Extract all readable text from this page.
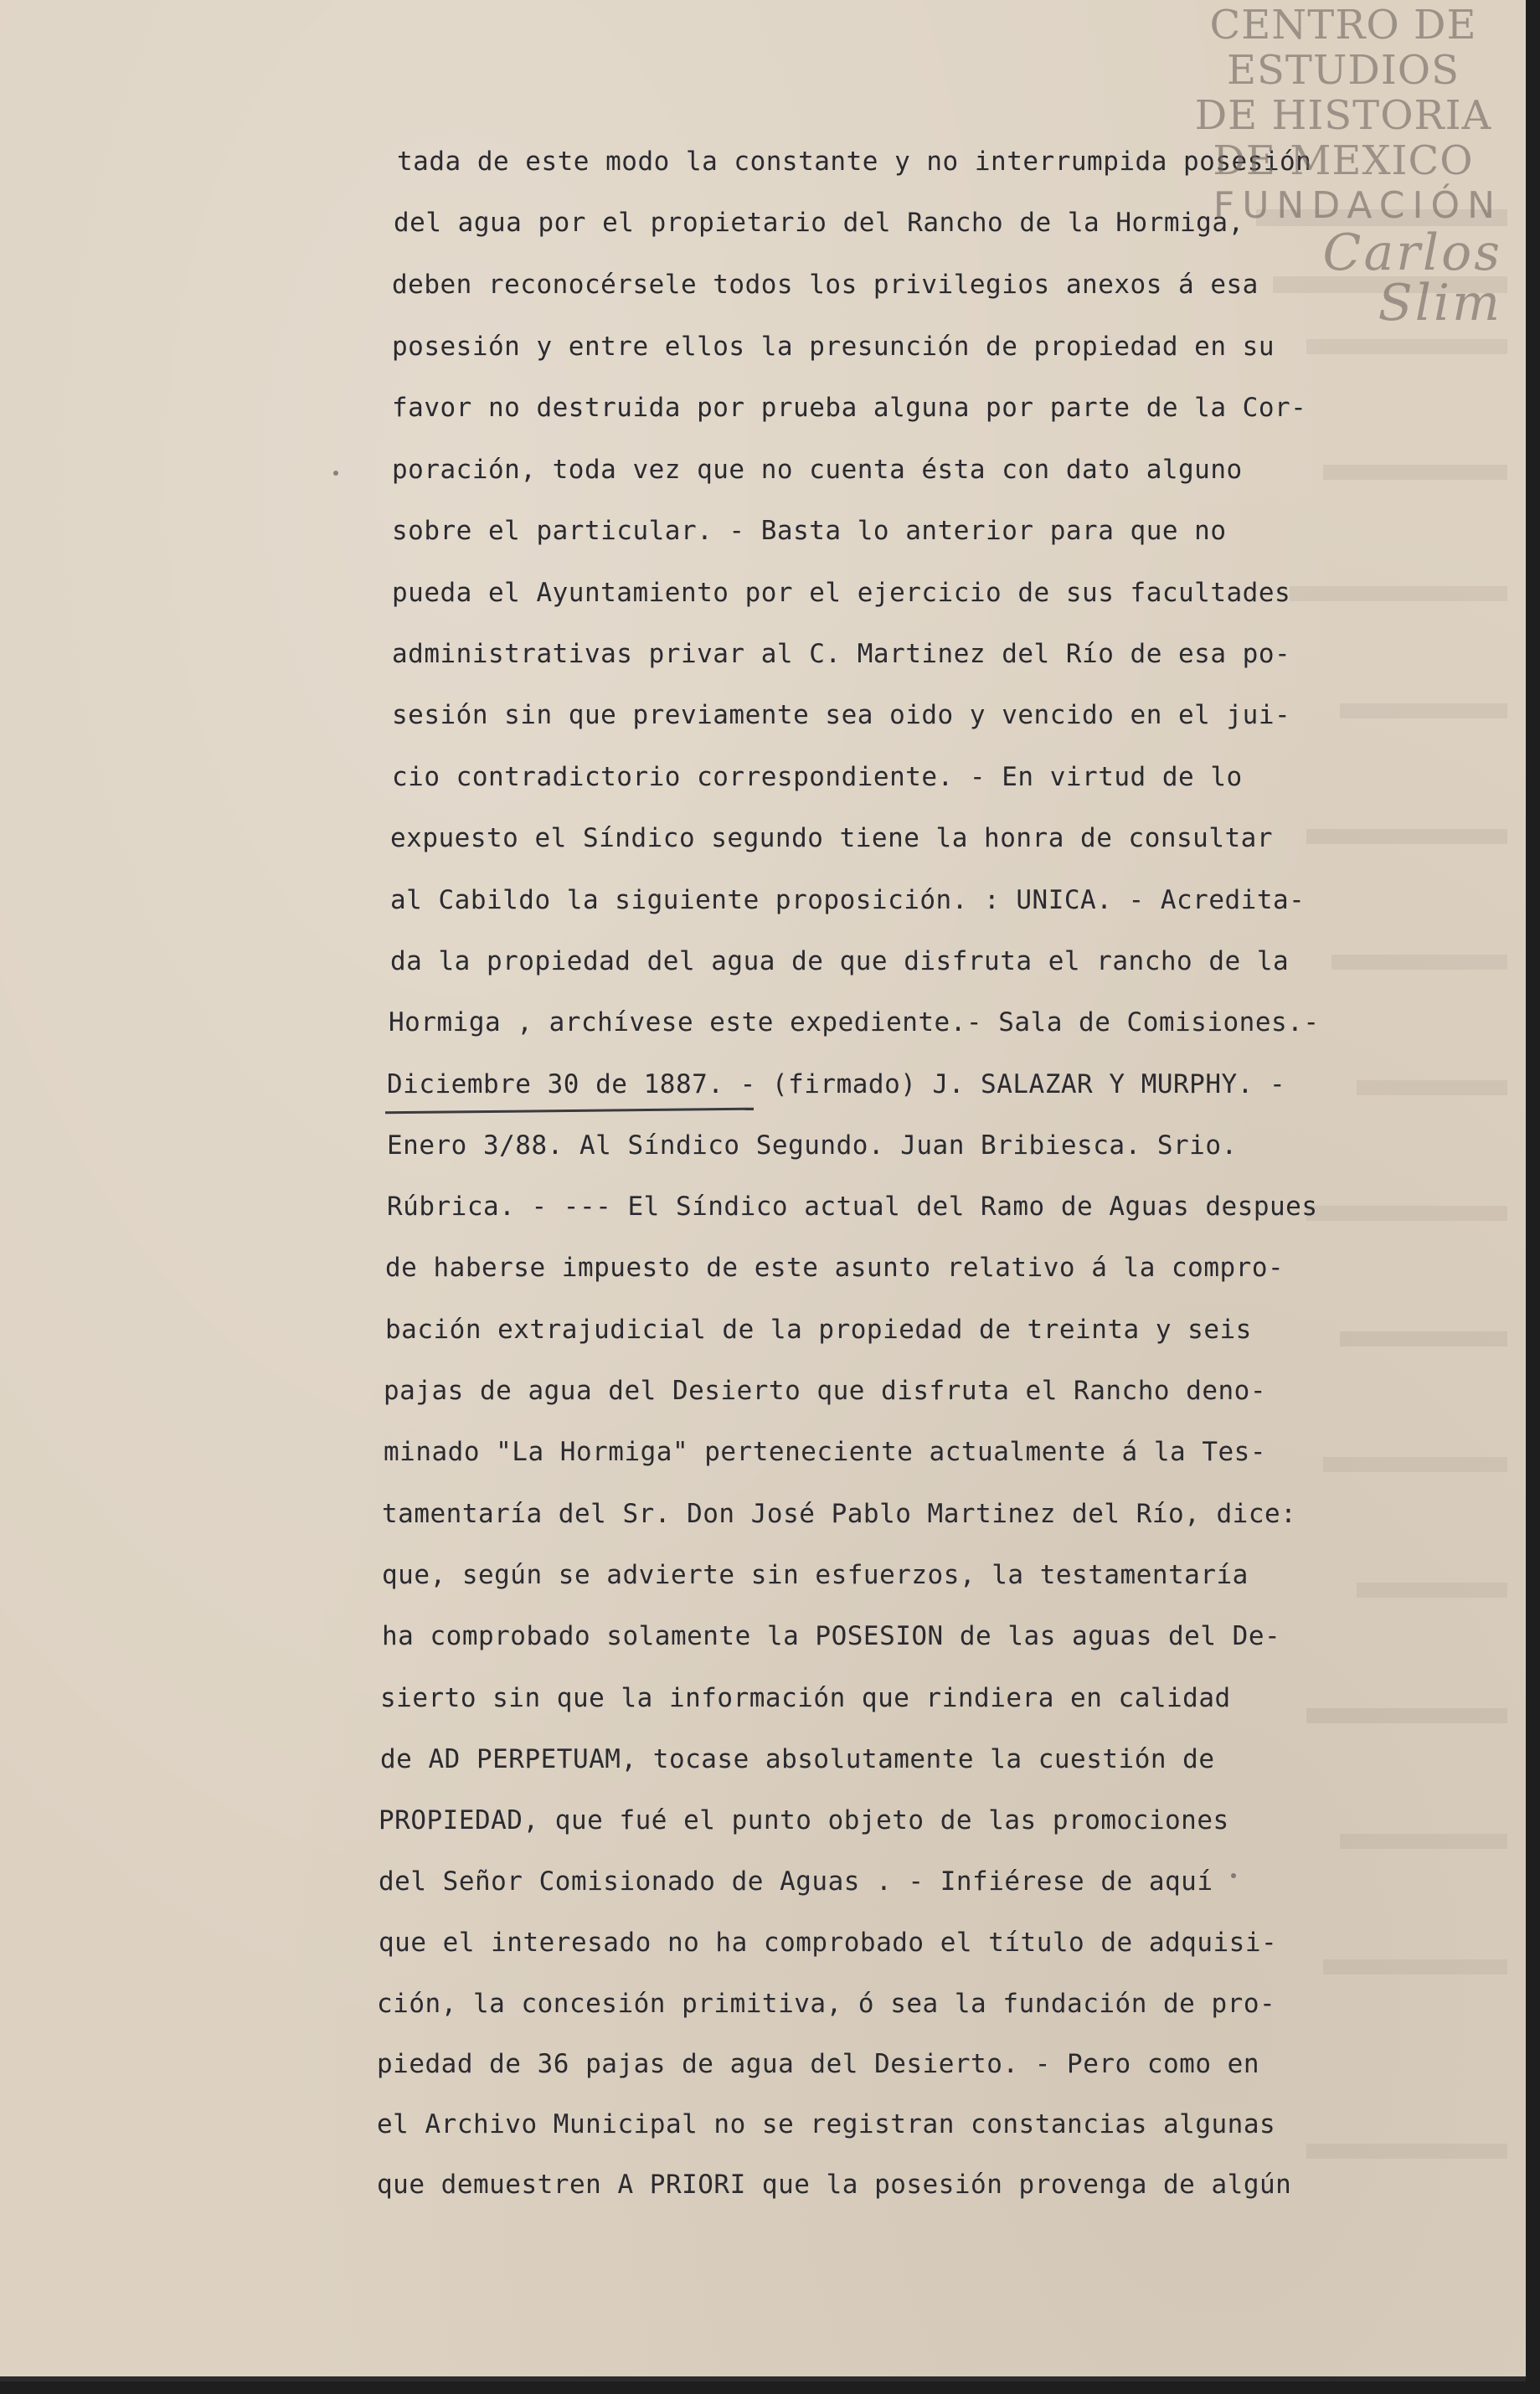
tada de este modo la constante y no interrumpida posesión
del agua por el propietario del Rancho de la Hormiga,
deben reconocérsele todos los privilegios anexos á esa
posesión y entre ellos la presunción de propiedad en su
favor no destruida por prueba alguna por parte de la Cor-
poración, toda vez que no cuenta ésta con dato alguno
sobre el particular. - Basta lo anterior para que no
pueda el Ayuntamiento por el ejercicio de sus facultades
administrativas privar al C. Martinez del Río de esa po-
sesión sin que previamente sea oido y vencido en el jui-
cio contradictorio correspondiente. - En virtud de lo
expuesto el Síndico segundo tiene la honra de consultar
al Cabildo la siguiente proposición. : UNICA. - Acredita-
da la propiedad del agua de que disfruta el rancho de la
Hormiga , archívese este expediente.- Sala de Comisiones.-
Diciembre 30 de 1887. - (firmado) J. SALAZAR Y MURPHY. -
Enero 3/88. Al Síndico Segundo. Juan Bribiesca. Srio.
Rúbrica. - --- El Síndico actual del Ramo de Aguas despues
de haberse impuesto de este asunto relativo á la compro-
bación extrajudicial de la propiedad de treinta y seis
pajas de agua del Desierto que disfruta el Rancho deno-
minado "La Hormiga" perteneciente actualmente á la Tes-
tamentaría del Sr. Don José Pablo Martinez del Río, dice:
que, según se advierte sin esfuerzos, la testamentaría
ha comprobado solamente la POSESION de las aguas del De-
sierto sin que la información que rindiera en calidad
de AD PERPETUAM, tocase absolutamente la cuestión de
PROPIEDAD, que fué el punto objeto de las promociones
del Señor Comisionado de Aguas . - Infiérese de aquí
que el interesado no ha comprobado el título de adquisi-
ción, la concesión primitiva, ó sea la fundación de pro-
piedad de 36 pajas de agua del Desierto. - Pero como en
el Archivo Municipal no se registran constancias algunas
que demuestren A PRIORI que la posesión provenga de algún
CENTRO DE
ESTUDIOS
DE HISTORIA
DE MEXICO
FUNDACIÓN
Carlos Slim
